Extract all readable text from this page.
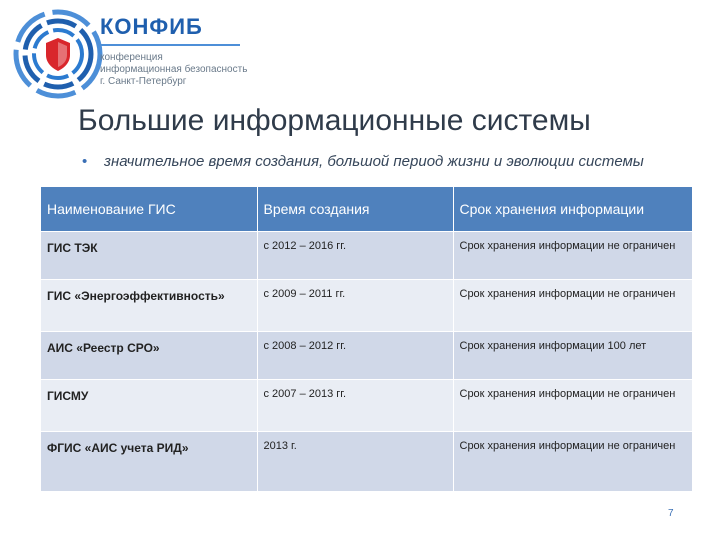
КОНФИБ
конференция
информационная безопасность
г. Санкт-Петербург
Большие информационные системы
•	значительное время создания, большой период жизни и эволюции системы
Наименование ГИС	Время создания	Срок хранения информации
ГИС ТЭК	с 2012 – 2016 гг.	Срок хранения информации не ограничен
ГИС «Энергоэффективность»	с 2009 – 2011 гг.	Срок хранения информации не ограничен
АИС «Реестр СРО»	с 2008 – 2012 гг.	Срок хранения информации 100 лет
ГИСМУ	с 2007 – 2013 гг.	Срок хранения информации не ограничен
ФГИС «АИС учета РИД»	2013 г.	Срок хранения информации не ограничен
7
